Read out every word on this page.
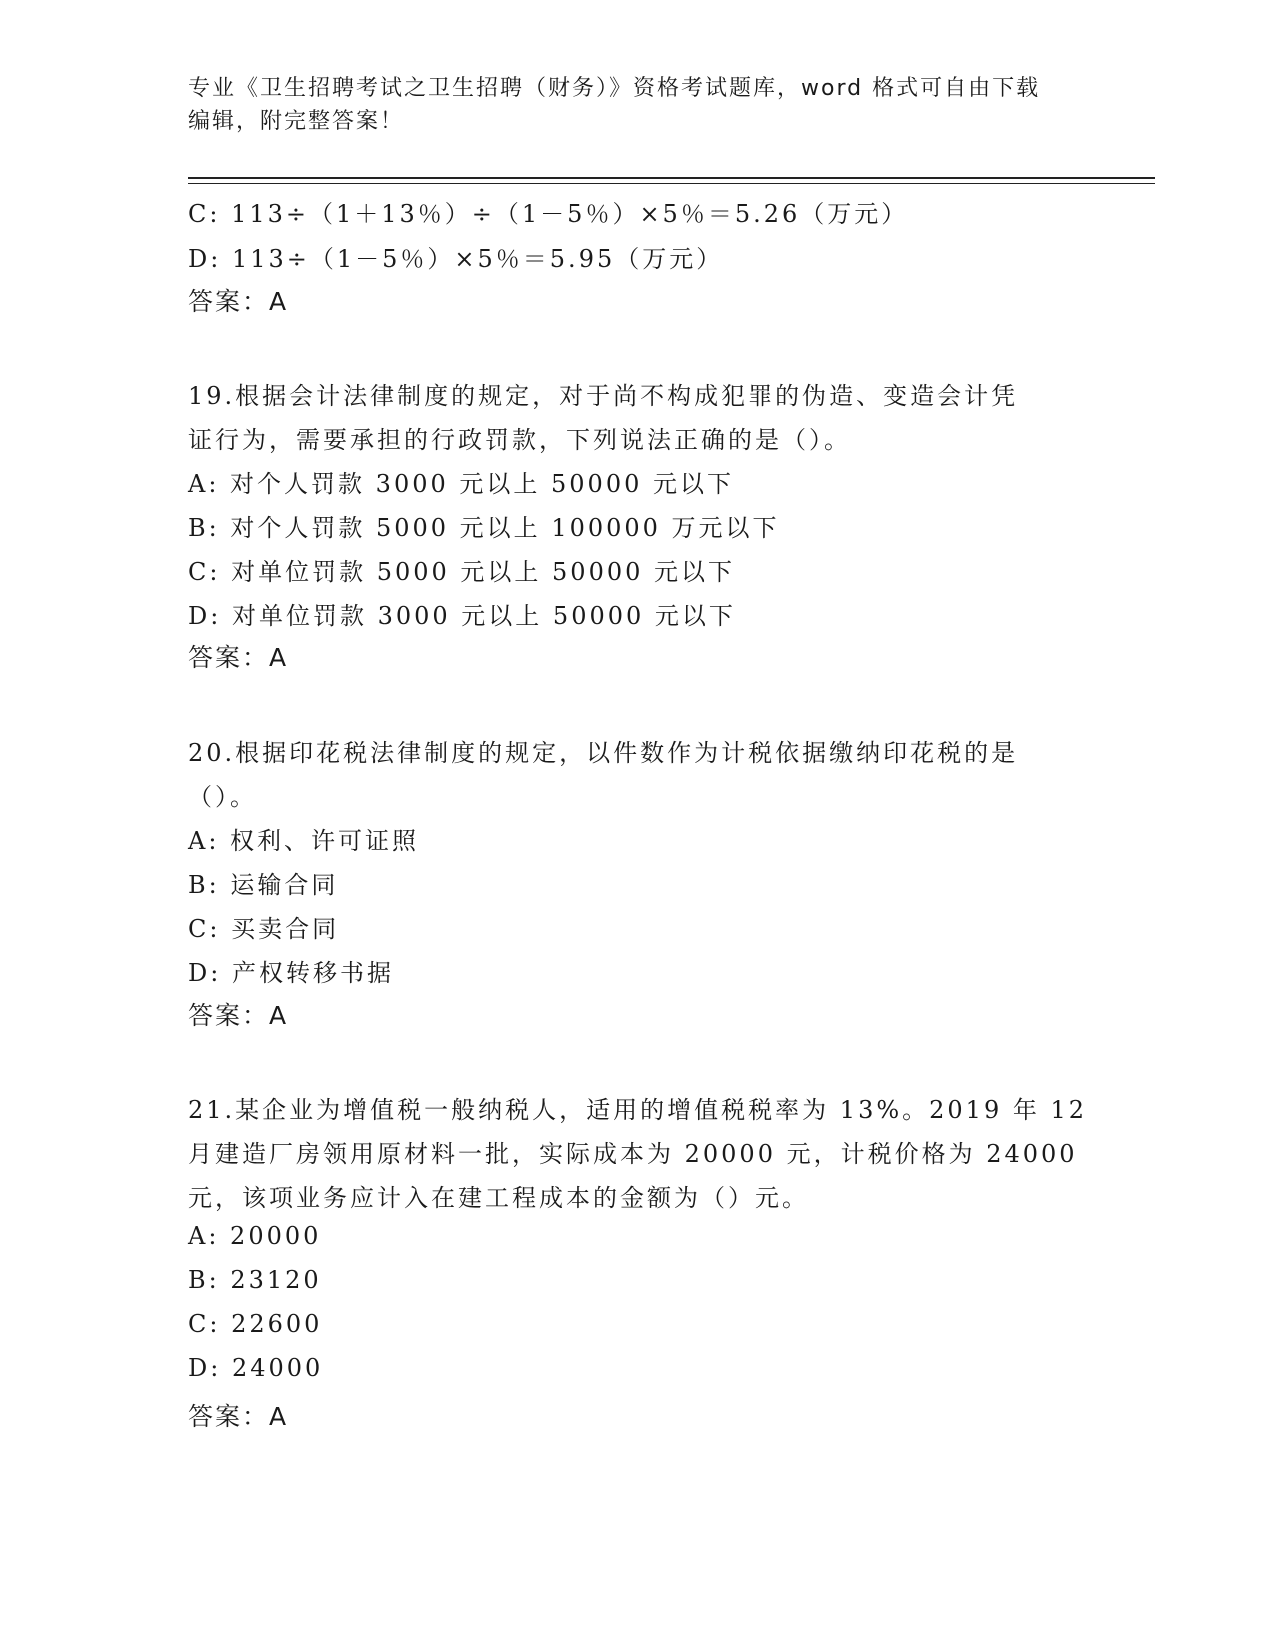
专业《卫生招聘考试之卫生招聘（财务）》资格考试题库，word 格式可自由下载
编辑，附完整答案！
C: 113÷（1＋13％）÷（1－5％）×5％＝5.26（万元）
D: 113÷（1－5％）×5％＝5.95（万元）
答案：A
19.根据会计法律制度的规定，对于尚不构成犯罪的伪造、变造会计凭
证行为，需要承担的行政罚款，下列说法正确的是（）。
A: 对个人罚款 3000 元以上 50000 元以下
B: 对个人罚款 5000 元以上 100000 万元以下
C: 对单位罚款 5000 元以上 50000 元以下
D: 对单位罚款 3000 元以上 50000 元以下
答案：A
20.根据印花税法律制度的规定，以件数作为计税依据缴纳印花税的是
（）。
A: 权利、许可证照
B: 运输合同
C: 买卖合同
D: 产权转移书据
答案：A
21.某企业为增值税一般纳税人，适用的增值税税率为 13%。2019 年 12
月建造厂房领用原材料一批，实际成本为 20000 元，计税价格为 24000
元，该项业务应计入在建工程成本的金额为（）元。
A: 20000
B: 23120
C: 22600
D: 24000
答案：A
